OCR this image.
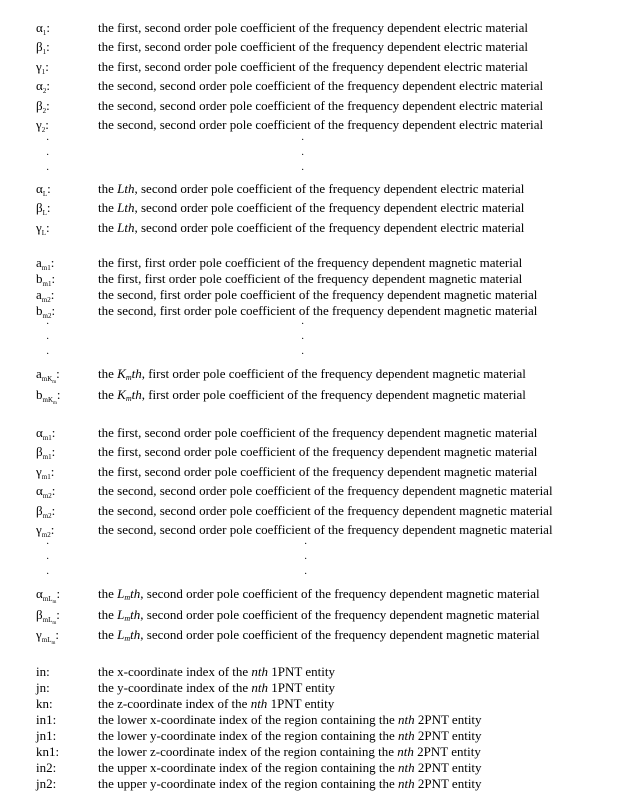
$\alpha_1$:	the first, second order pole coefficient of the frequency dependent electric material
$\beta_1$:	the first, second order pole coefficient of the frequency dependent electric material
$\gamma_1$:	the first, second order pole coefficient of the frequency dependent electric material
$\alpha_2$:	the second, second order pole coefficient of the frequency dependent electric material
$\beta_2$:	the second, second order pole coefficient of the frequency dependent electric material
$\gamma_2$:	the second, second order pole coefficient of the frequency dependent electric material
$\alpha_L$:	the Lth, second order pole coefficient of the frequency dependent electric material
$\beta_L$:	the Lth, second order pole coefficient of the frequency dependent electric material
$\gamma_L$:	the Lth, second order pole coefficient of the frequency dependent electric material
$a_{m1}$:	the first, first order pole coefficient of the frequency dependent magnetic material
$b_{m1}$:	the first, first order pole coefficient of the frequency dependent magnetic material
$a_{m2}$:	the second, first order pole coefficient of the frequency dependent magnetic material
$b_{m2}$:	the second, first order pole coefficient of the frequency dependent magnetic material
$a_{mK_m}$:	the $K_mth$, first order pole coefficient of the frequency dependent magnetic material
$b_{mK_m}$:	the $K_mth$, first order pole coefficient of the frequency dependent magnetic material
$\alpha_{m1}$:	the first, second order pole coefficient of the frequency dependent magnetic material
$\beta_{m1}$:	the first, second order pole coefficient of the frequency dependent magnetic material
$\gamma_{m1}$:	the first, second order pole coefficient of the frequency dependent magnetic material
$\alpha_{m2}$:	the second, second order pole coefficient of the frequency dependent magnetic material
$\beta_{m2}$:	the second, second order pole coefficient of the frequency dependent magnetic material
$\gamma_{m2}$:	the second, second order pole coefficient of the frequency dependent magnetic material
$\alpha_{mL_m}$:	the $L_mth$, second order pole coefficient of the frequency dependent magnetic material
$\beta_{mL_m}$:	the $L_mth$, second order pole coefficient of the frequency dependent magnetic material
$\gamma_{mL_m}$:	the $L_mth$, second order pole coefficient of the frequency dependent magnetic material
in:	the x-coordinate index of the nth 1PNT entity
jn:	the y-coordinate index of the nth 1PNT entity
kn:	the z-coordinate index of the nth 1PNT entity
in1:	the lower x-coordinate index of the region containing the nth 2PNT entity
jn1:	the lower y-coordinate index of the region containing the nth 2PNT entity
kn1:	the lower z-coordinate index of the region containing the nth 2PNT entity
in2:	the upper x-coordinate index of the region containing the nth 2PNT entity
jn2:	the upper y-coordinate index of the region containing the nth 2PNT entity
·
·
·
·
·
·
·
·
·
·
·
·
·
·
·
·
·
·
